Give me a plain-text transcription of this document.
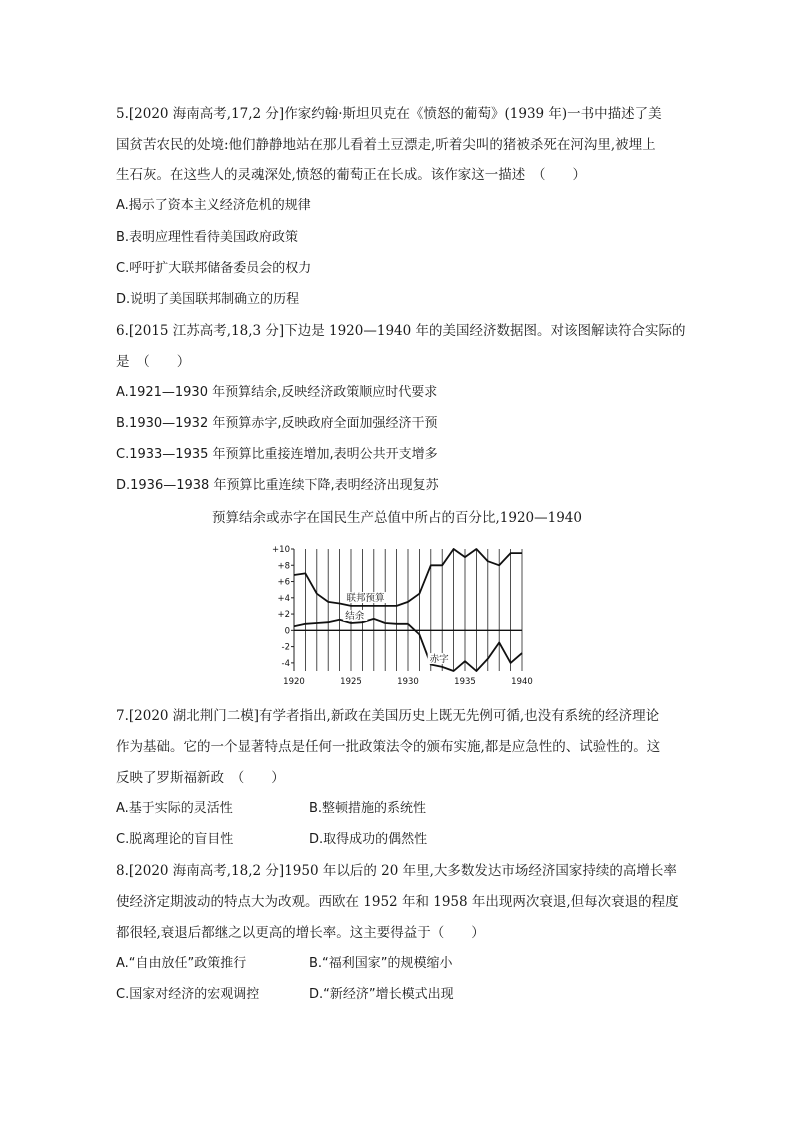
5.[2020 海南高考,17,2 分]作家约翰·斯坦贝克在《愤怒的葡萄》(1939 年)一书中描述了美
国贫苦农民的处境:他们静静地站在那儿看着土豆漂走,听着尖叫的猪被杀死在河沟里,被埋上
生石灰。在这些人的灵魂深处,愤怒的葡萄正在长成。该作家这一描述　（　　）
A.揭示了资本主义经济危机的规律
B.表明应理性看待美国政府政策
C.呼吁扩大联邦储备委员会的权力
D.说明了美国联邦制确立的历程
6.[2015 江苏高考,18,3 分]下边是 1920—1940 年的美国经济数据图。对该图解读符合实际的
是　（　　）
A.1921—1930 年预算结余,反映经济政策顺应时代要求
B.1930—1932 年预算赤字,反映政府全面加强经济干预
C.1933—1935 年预算比重接连增加,表明公共开支增多
D.1936—1938 年预算比重连续下降,表明经济出现复苏
预算结余或赤字在国民生产总值中所占的百分比,1920—1940
+10
+8
+6
+4
+2
0
-2
-4
1920	1925	1930	1935	1940
联邦预算
结余
赤字
7.[2020 湖北荆门二模]有学者指出,新政在美国历史上既无先例可循,也没有系统的经济理论
作为基础。它的一个显著特点是任何一批政策法令的颁布实施,都是应急性的、试验性的。这
反映了罗斯福新政　（　　）
A.基于实际的灵活性	B.整顿措施的系统性
C.脱离理论的盲目性	D.取得成功的偶然性
8.[2020 海南高考,18,2 分]1950 年以后的 20 年里,大多数发达市场经济国家持续的高增长率
使经济定期波动的特点大为改观。西欧在 1952 年和 1958 年出现两次衰退,但每次衰退的程度
都很轻,衰退后都继之以更高的增长率。这主要得益于（　　）
A.“自由放任”政策推行	B.“福利国家”的规模缩小
C.国家对经济的宏观调控	D.“新经济”增长模式出现
